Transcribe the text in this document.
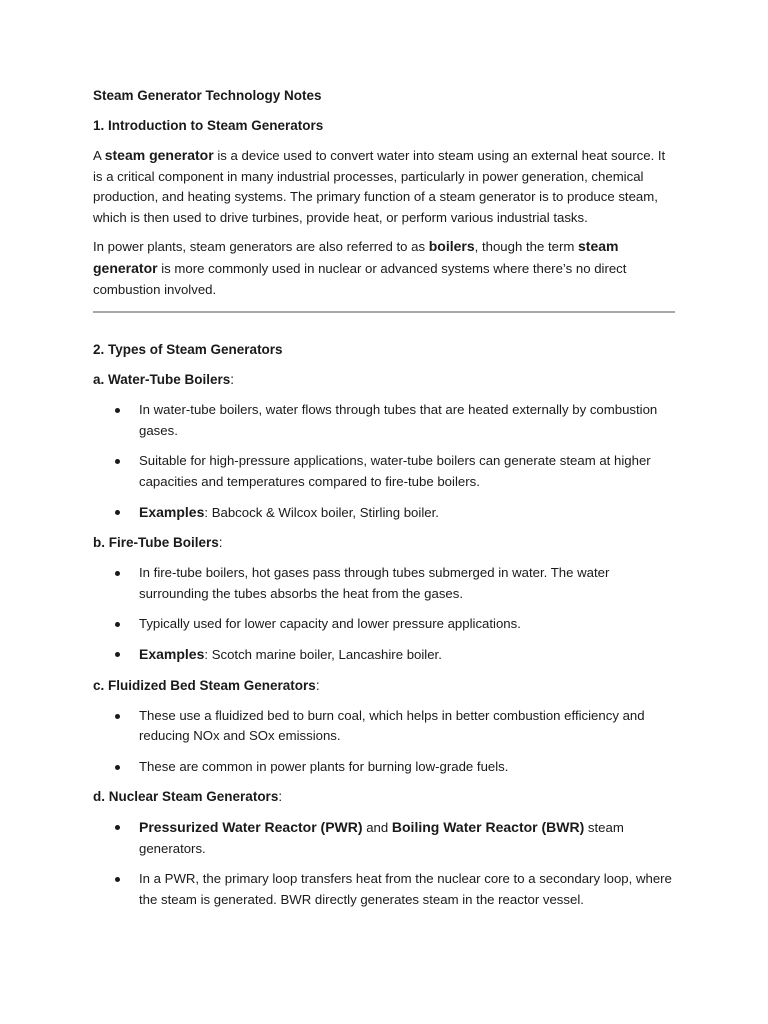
Steam Generator Technology Notes

1. Introduction to Steam Generators

A steam generator is a device used to convert water into steam using an external heat source. It is a critical component in many industrial processes, particularly in power generation, chemical production, and heating systems. The primary function of a steam generator is to produce steam, which is then used to drive turbines, provide heat, or perform various industrial tasks.

In power plants, steam generators are also referred to as boilers, though the term steam generator is more commonly used in nuclear or advanced systems where there’s no direct combustion involved.

2. Types of Steam Generators

a. Water-Tube Boilers:

In water-tube boilers, water flows through tubes that are heated externally by combustion gases.
Suitable for high-pressure applications, water-tube boilers can generate steam at higher capacities and temperatures compared to fire-tube boilers.
Examples: Babcock & Wilcox boiler, Stirling boiler.

b. Fire-Tube Boilers:

In fire-tube boilers, hot gases pass through tubes submerged in water. The water surrounding the tubes absorbs the heat from the gases.
Typically used for lower capacity and lower pressure applications.
Examples: Scotch marine boiler, Lancashire boiler.

c. Fluidized Bed Steam Generators:

These use a fluidized bed to burn coal, which helps in better combustion efficiency and reducing NOx and SOx emissions.
These are common in power plants for burning low-grade fuels.

d. Nuclear Steam Generators:

Pressurized Water Reactor (PWR) and Boiling Water Reactor (BWR) steam generators.
In a PWR, the primary loop transfers heat from the nuclear core to a secondary loop, where the steam is generated. BWR directly generates steam in the reactor vessel.
